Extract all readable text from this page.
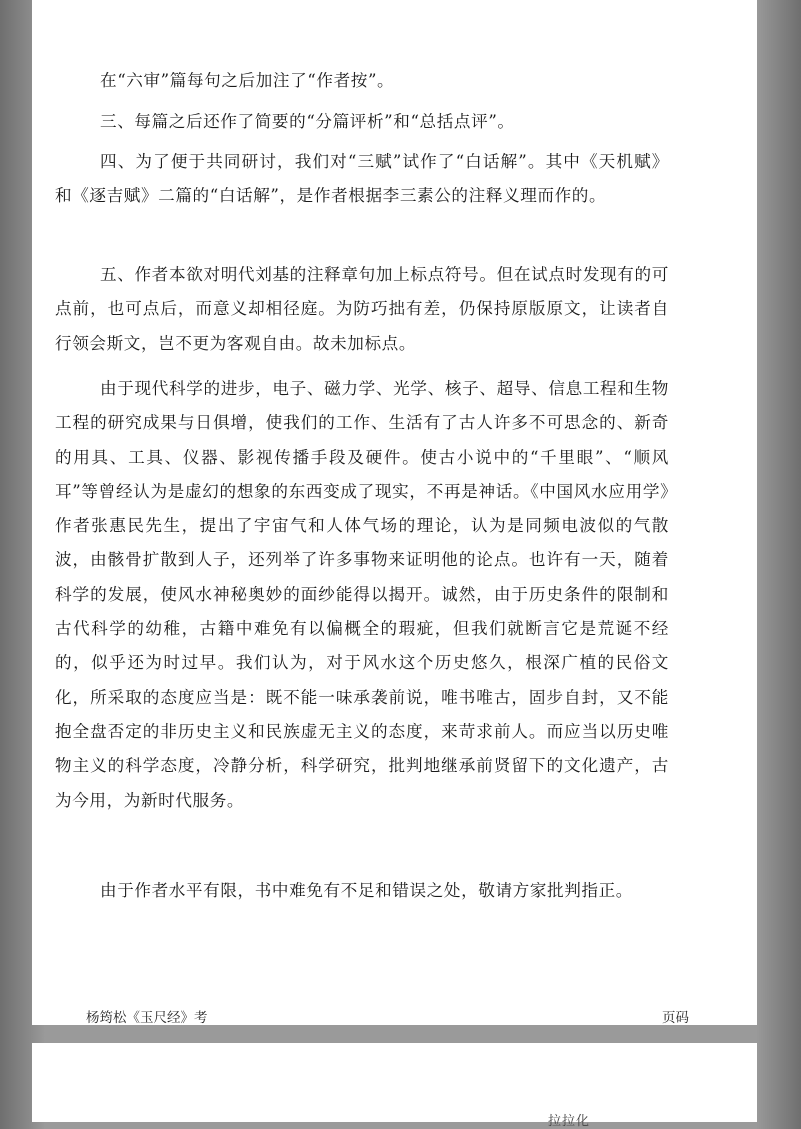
在“六审”篇每句之后加注了“作者按”。

三、每篇之后还作了简要的“分篇评析”和“总括点评”。

四、为了便于共同研讨，我们对“三赋”试作了“白话解”。其中《天机赋》和《逐吉赋》二篇的“白话解”，是作者根据李三素公的注释义理而作的。

五、作者本欲对明代刘基的注释章句加上标点符号。但在试点时发现有的可点前，也可点后，而意义却相径庭。为防巧拙有差，仍保持原版原文，让读者自行领会斯文，岂不更为客观自由。故未加标点。

由于现代科学的进步，电子、磁力学、光学、核子、超导、信息工程和生物工程的研究成果与日俱增，使我们的工作、生活有了古人许多不可思念的、新奇的用具、工具、仪器、影视传播手段及硬件。使古小说中的“千里眼”、“顺风耳”等曾经认为是虚幻的想象的东西变成了现实，不再是神话。《中国风水应用学》作者张惠民先生，提出了宇宙气和人体气场的理论，认为是同频电波似的气散波，由骸骨扩散到人子，还列举了许多事物来证明他的论点。也许有一天，随着科学的发展，使风水神秘奥妙的面纱能得以揭开。诚然，由于历史条件的限制和古代科学的幼稚，古籍中难免有以偏概全的瑕疵，但我们就断言它是荒诞不经的，似乎还为时过早。我们认为，对于风水这个历史悠久，根深广植的民俗文化，所采取的态度应当是：既不能一味承袭前说，唯书唯古，固步自封，又不能抱全盘否定的非历史主义和民族虚无主义的态度，来苛求前人。而应当以历史唯物主义的科学态度，冷静分析，科学研究，批判地继承前贤留下的文化遗产，古为今用，为新时代服务。

由于作者水平有限，书中难免有不足和错误之处，敬请方家批判指正。

杨筠松《玉尺经》考	页码
拉拉化
